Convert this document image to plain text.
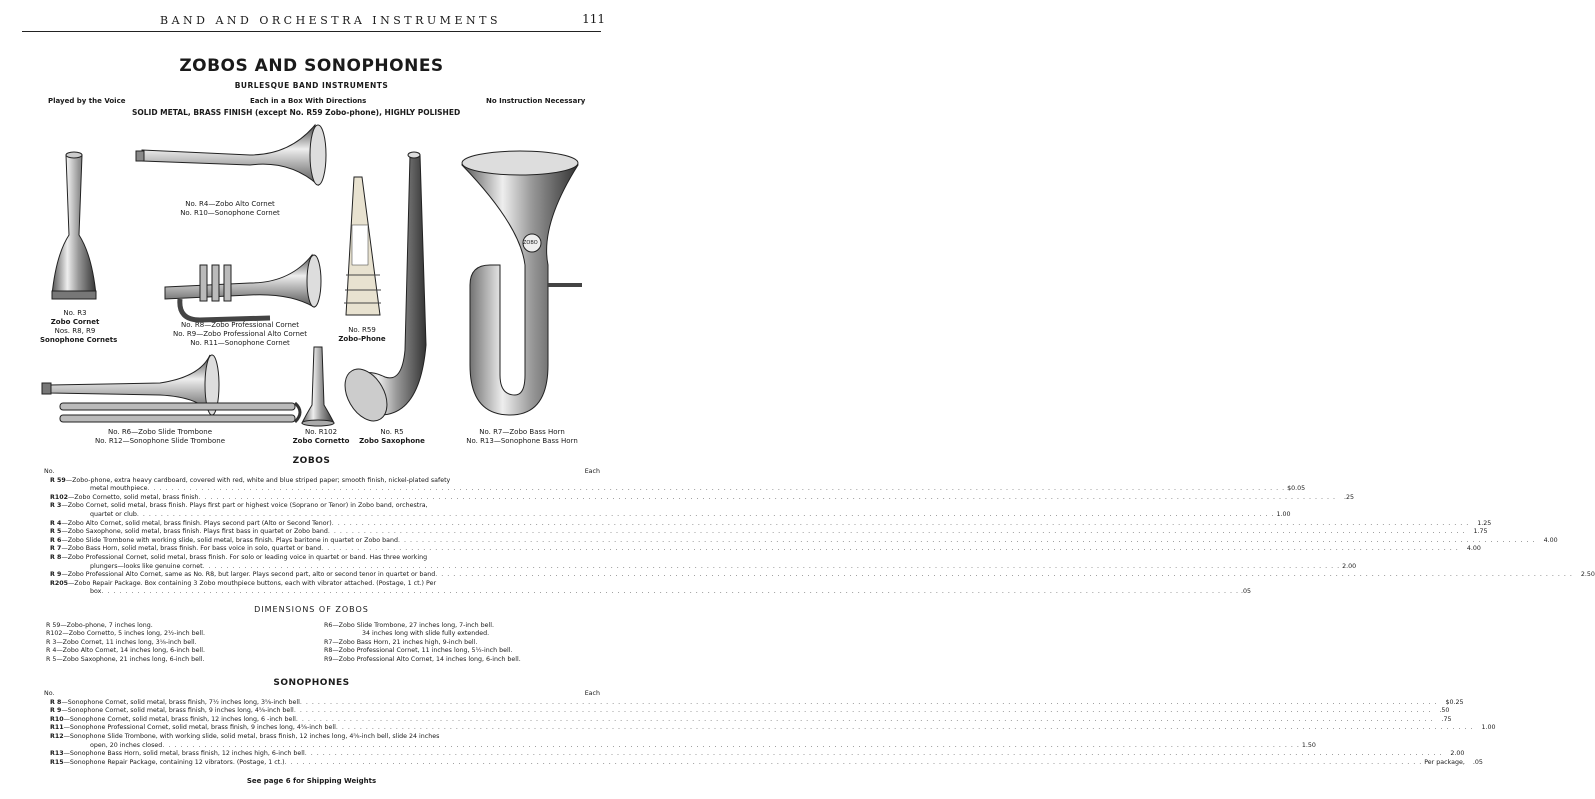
BAND AND ORCHESTRA INSTRUMENTS	111
ZOBOS AND SONOPHONES
BURLESQUE BAND INSTRUMENTS
Played by the Voice	Each in a Box With Directions	No Instruction Necessary
SOLID METAL, BRASS FINISH (except No. R59 Zobo-phone), HIGHLY POLISHED
ZOBO
No. R3
Zobo Cornet
Nos. R8, R9
Sonophone Cornets
No. R4—Zobo Alto Cornet
No. R10—Sonophone Cornet
No. R8—Zobo Professional Cornet
No. R9—Zobo Professional Alto Cornet
No. R11—Sonophone Cornet
No. R59
Zobo-Phone
No. R6—Zobo Slide Trombone
No. R12—Sonophone Slide Trombone
No. R102
Zobo Cornetto
No. R5
Zobo Saxophone
No. R7—Zobo Bass Horn
No. R13—Sonophone Bass Horn
ZOBOS
No.	Each
R 59—Zobo-phone, extra heavy cardboard, covered with red, white and blue striped paper; smooth finish, nickel-plated safety
metal mouthpiece . . .	$0.05
R102—Zobo Cornetto, solid metal, brass finish . . .	.25
R 3—Zobo Cornet, solid metal, brass finish. Plays first part or highest voice (Soprano or Tenor) in Zobo band, orchestra,
quartet or club . . .	1.00
R 4—Zobo Alto Cornet, solid metal, brass finish. Plays second part (Alto or Second Tenor) . . .	1.25
R 5—Zobo Saxophone, solid metal, brass finish. Plays first bass in quartet or Zobo band . . .	1.75
R 6—Zobo Slide Trombone with working slide, solid metal, brass finish. Plays baritone in quartet or Zobo band . . .	4.00
R 7—Zobo Bass Horn, solid metal, brass finish. For bass voice in solo, quartet or band . . .	4.00
R 8—Zobo Professional Cornet, solid metal, brass finish. For solo or leading voice in quartet or band. Has three working
plungers—looks like genuine cornet . . .	2.00
R 9—Zobo Professional Alto Cornet, same as No. R8, but larger. Plays second part, alto or second tenor in quartet or band . . .	2.50
R205—Zobo Repair Package. Box containing 3 Zobo mouthpiece buttons, each with vibrator attached. (Postage, 1 ct.) Per
box . . .	.05
DIMENSIONS OF ZOBOS
R 59—Zobo-phone, 7 inches long.
R102—Zobo Cornetto, 5 inches long, 2½-inch bell.
R 3—Zobo Cornet, 11 inches long, 3⅛-inch bell.
R 4—Zobo Alto Cornet, 14 inches long, 6-inch bell.
R 5—Zobo Saxophone, 21 inches long, 6-inch bell.
R6—Zobo Slide Trombone, 27 inches long, 7-inch bell.
34 inches long with slide fully extended.
R7—Zobo Bass Horn, 21 inches high, 9-inch bell.
R8—Zobo Professional Cornet, 11 inches long, 5½-inch bell.
R9—Zobo Professional Alto Cornet, 14 inches long, 6-inch bell.
SONOPHONES
No.	Each
R 8—Sonophone Cornet, solid metal, brass finish, 7½ inches long, 3⅝-inch bell . . .	$0.25
R 9—Sonophone Cornet, solid metal, brass finish, 9 inches long, 4⅝-inch bell . . .	.50
R10—Sonophone Cornet, solid metal, brass finish, 12 inches long, 6 -inch bell . . .	.75
R11—Sonophone Professional Cornet, solid metal, brass finish, 9 inches long, 4⅝-inch bell . . .	1.00
R12—Sonophone Slide Trombone, with working slide, solid metal, brass finish, 12 inches long, 4⅝-inch bell, slide 24 inches
open, 20 inches closed . . .	1.50
R13—Sonophone Bass Horn, solid metal, brass finish, 12 inches high, 6-inch bell . . .	2.00
R15—Sonophone Repair Package, containing 12 vibrators. (Postage, 1 ct.) . . .	Per package,	.05
See page 6 for Shipping Weights
